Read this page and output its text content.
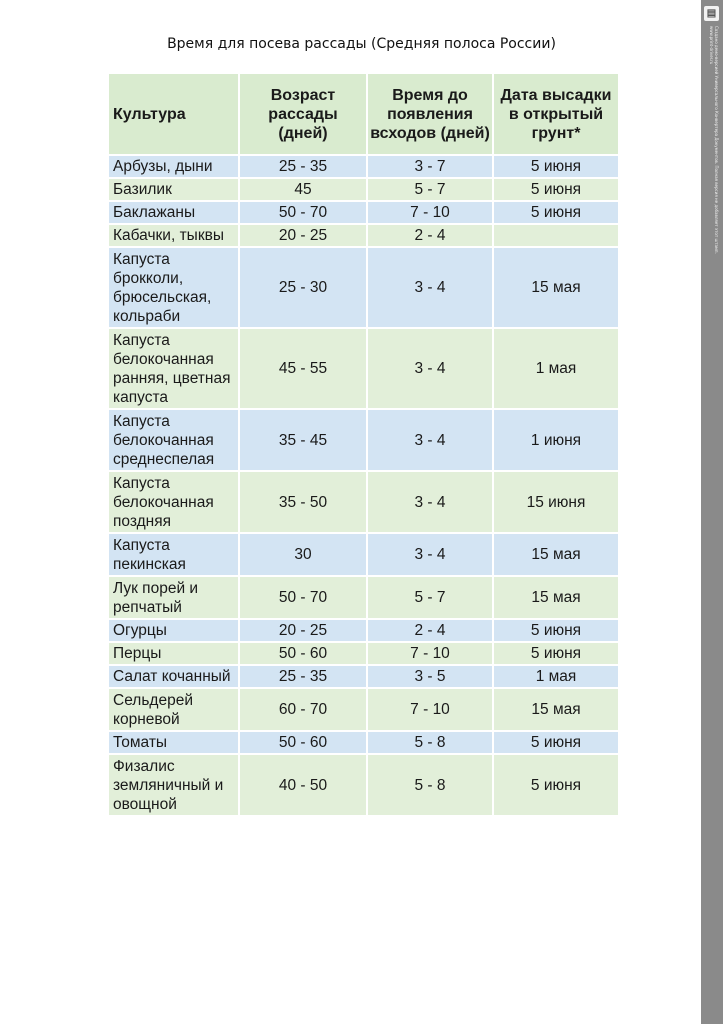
Время для посева рассады (Средняя полоса России)
Культура	Возраст рассады (дней)	Время до появления всходов (дней)	Дата высадки в открытый грунт*
Арбузы, дыни	25 - 35	3 - 7	5 июня
Базилик	45	5 - 7	5 июня
Баклажаны	50 - 70	7 - 10	5 июня
Кабачки, тыквы	20 - 25	2 - 4	
Капуста брокколи, брюсельская, кольраби	25 - 30	3 - 4	15 мая
Капуста белокочанная ранняя, цветная капуста	45 - 55	3 - 4	1 мая
Капуста белокочанная среднеспелая	35 - 45	3 - 4	1 июня
Капуста белокочанная поздняя	35 - 50	3 - 4	15 июня
Капуста пекинская	30	3 - 4	15 мая
Лук порей и репчатый	50 - 70	5 - 7	15 мая
Огурцы	20 - 25	2 - 4	5 июня
Перцы	50 - 60	7 - 10	5 июня
Салат кочанный	25 - 35	3 - 5	1 мая
Сельдерей корневой	60 - 70	7 - 10	15 мая
Томаты	50 - 60	5 - 8	5 июня
Физалис земляничный и овощной	40 - 50	5 - 8	5 июня
▤
Создано демо-версией Универсального Конвертера Документов. Полная версия не добавляет этот штамп. www.print-driver.ru
